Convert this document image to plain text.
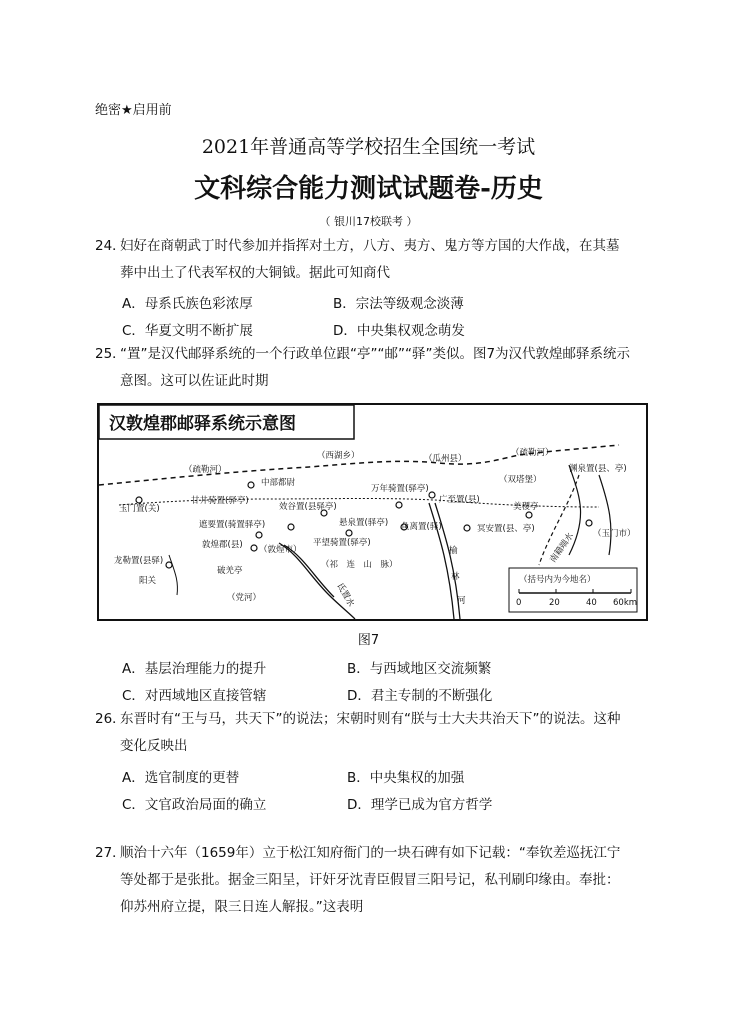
绝密★启用前
2021年普通高等学校招生全国统一考试
文科综合能力测试试题卷-历史
（ 银川17校联考 ）
24．
妇好在商朝武丁时代参加并指挥对土方，八方、夷方、鬼方等方国的大作战，在其墓
葬中出土了代表军权的大铜钺。据此可知商代
A．母系氏族色彩浓厚	B．宗法等级观念淡薄
C．华夏文明不断扩展	D．中央集权观念萌发
25．
“置”是汉代邮驿系统的一个行政单位跟“亭”“邮”“驿”类似。图7为汉代敦煌邮驿系统示
意图。这可以佐证此时期
汉敦煌郡邮驿系统示意图
（括号内为今地名）
0	20	40 60km
（疏勒河）
（疏勒河）
（西湖乡）	（瓜州县）
玉门置(关)
甘井骑置(驿亭)
中部都尉
万年骑置(驿亭)
（双塔堡）
渊泉置(县、亭)
效谷置(县驿亭)
广至置(县)
美稷亭
遮要置(骑置驿亭)	悬泉置(驿亭) 鱼离置(驿)	冥安置(县、亭)	（玉门市）
敦煌郡(县) （敦煌市）
平望骑置(驿亭)
龙勒置(县驿)
阳关
破羌亭
（祁　连　山　脉）
榆
林
河
氐置水
（党河）
南籍端水
图7
A．基层治理能力的提升	B．与西域地区交流频繁
C．对西域地区直接管辖	D．君主专制的不断强化
26．
东晋时有“王与马，共天下”的说法；宋朝时则有“朕与士大夫共治天下”的说法。这种
变化反映出
A．选官制度的更替	B．中央集权的加强
C．文官政治局面的确立	D．理学已成为官方哲学
27．
顺治十六年（1659年）立于松江知府衙门的一块石碑有如下记载：“奉钦差巡抚江宁
等处都于是张批。据金三阳呈，讦奸牙沈青臣假冒三阳号记，私刊刷印缘由。奉批：
仰苏州府立提，限三日连人解报。”这表明
